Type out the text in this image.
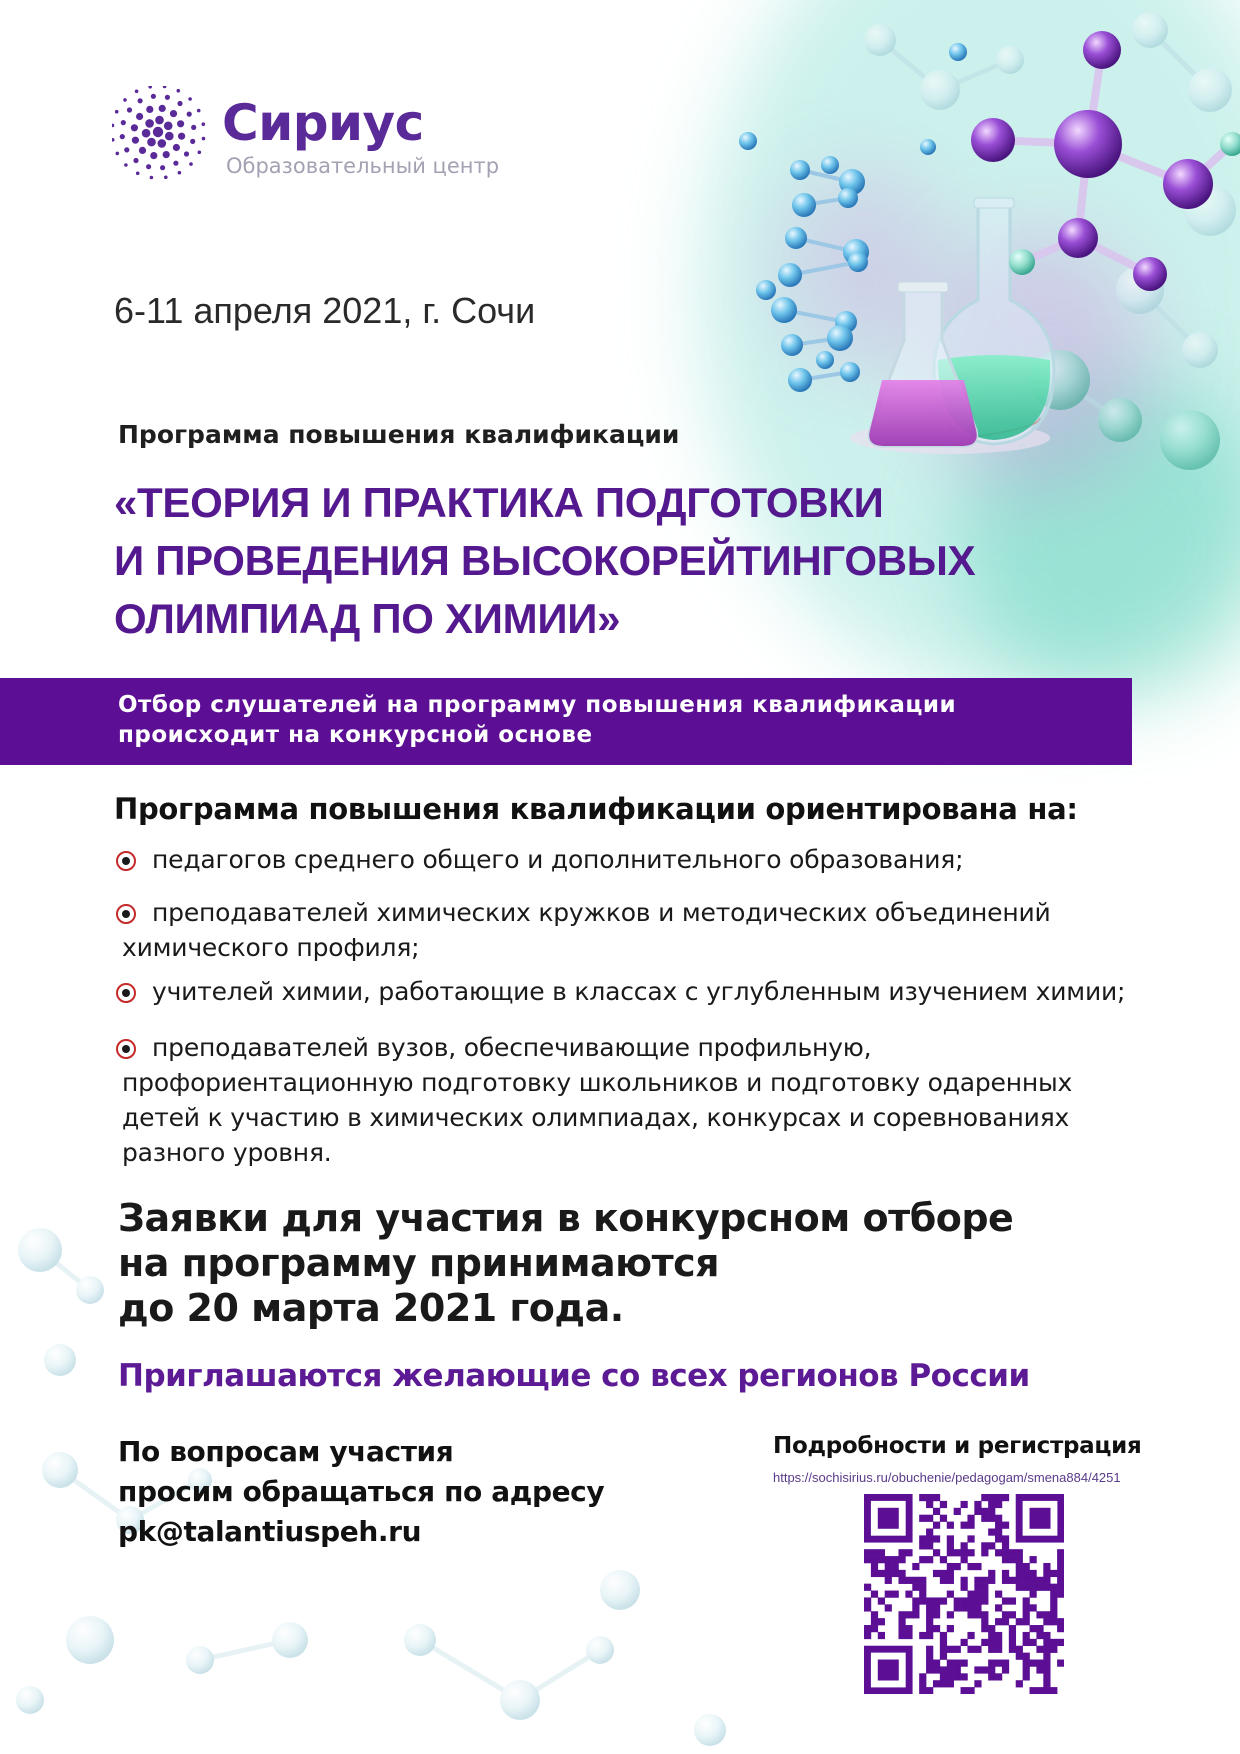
Сириус
Образовательный центр
6-11 апреля 2021, г. Сочи
Программа повышения квалификации
«ТЕОРИЯ И ПРАКТИКА ПОДГОТОВКИ
И ПРОВЕДЕНИЯ ВЫСОКОРЕЙТИНГОВЫХ
ОЛИМПИАД ПО ХИМИИ»
Отбор слушателей на программу повышения квалификации
происходит на конкурсной основе
Программа повышения квалификации ориентирована на:
педагогов среднего общего и дополнительного образования;
преподавателей химических кружков и методических объединений
химического профиля;
учителей химии, работающие в классах с углубленным изучением химии;
преподавателей вузов, обеспечивающие профильную,
профориентационную подготовку школьников и подготовку одаренных
детей к участию в химических олимпиадах, конкурсах и соревнованиях
разного уровня.
Заявки для участия в конкурсном отборе
на программу принимаются
до 20 марта 2021 года.
Приглашаются желающие со всех регионов России
По вопросам участия
просим обращаться по адресу
pk@talantiuspeh.ru
Подробности и регистрация
https://sochisirius.ru/obuchenie/pedagogam/smena884/4251
